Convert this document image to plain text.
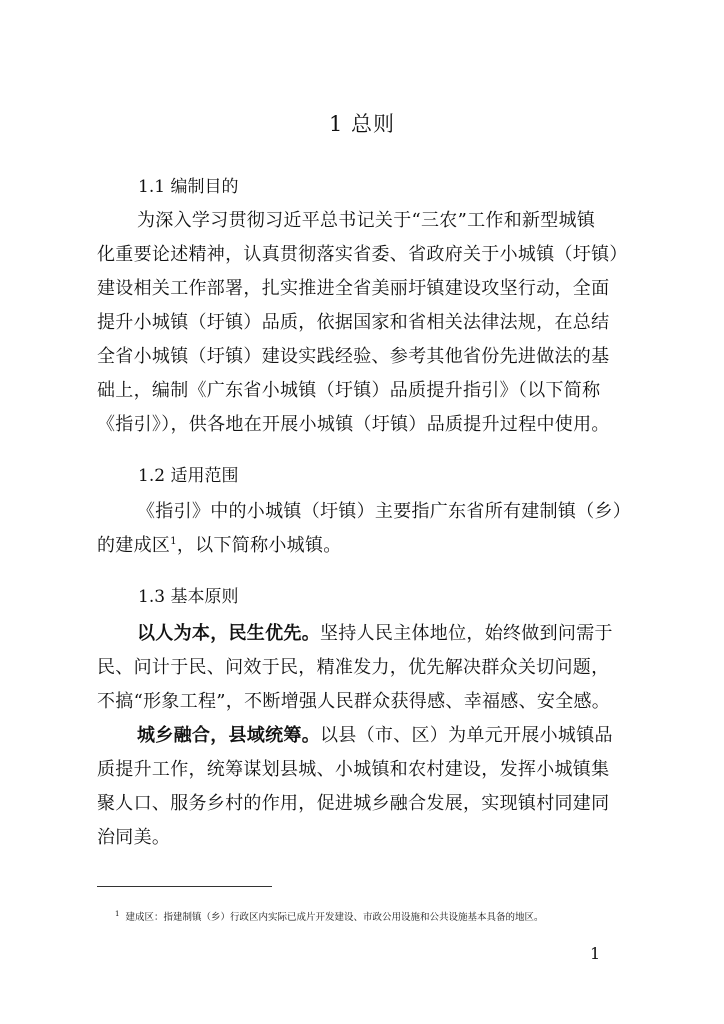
1 总则
1.1 编制目的
为深入学习贯彻习近平总书记关于“三农”工作和新型城镇
化重要论述精神，认真贯彻落实省委、省政府关于小城镇（圩镇）
建设相关工作部署，扎实推进全省美丽圩镇建设攻坚行动，全面
提升小城镇（圩镇）品质，依据国家和省相关法律法规，在总结
全省小城镇（圩镇）建设实践经验、参考其他省份先进做法的基
础上，编制《广东省小城镇（圩镇）品质提升指引》（以下简称
《指引》），供各地在开展小城镇（圩镇）品质提升过程中使用。
1.2 适用范围
《指引》中的小城镇（圩镇）主要指广东省所有建制镇（乡）
的建成区$^1$，以下简称小城镇。
1.3 基本原则
以人为本，民生优先。坚持人民主体地位，始终做到问需于
民、问计于民、问效于民，精准发力，优先解决群众关切问题，
不搞“形象工程”，不断增强人民群众获得感、幸福感、安全感。
城乡融合，县域统筹。以县（市、区）为单元开展小城镇品
质提升工作，统筹谋划县城、小城镇和农村建设，发挥小城镇集
聚人口、服务乡村的作用，促进城乡融合发展，实现镇村同建同
治同美。
$^1$ 建成区：指建制镇（乡）行政区内实际已成片开发建设、市政公用设施和公共设施基本具备的地区。
1
